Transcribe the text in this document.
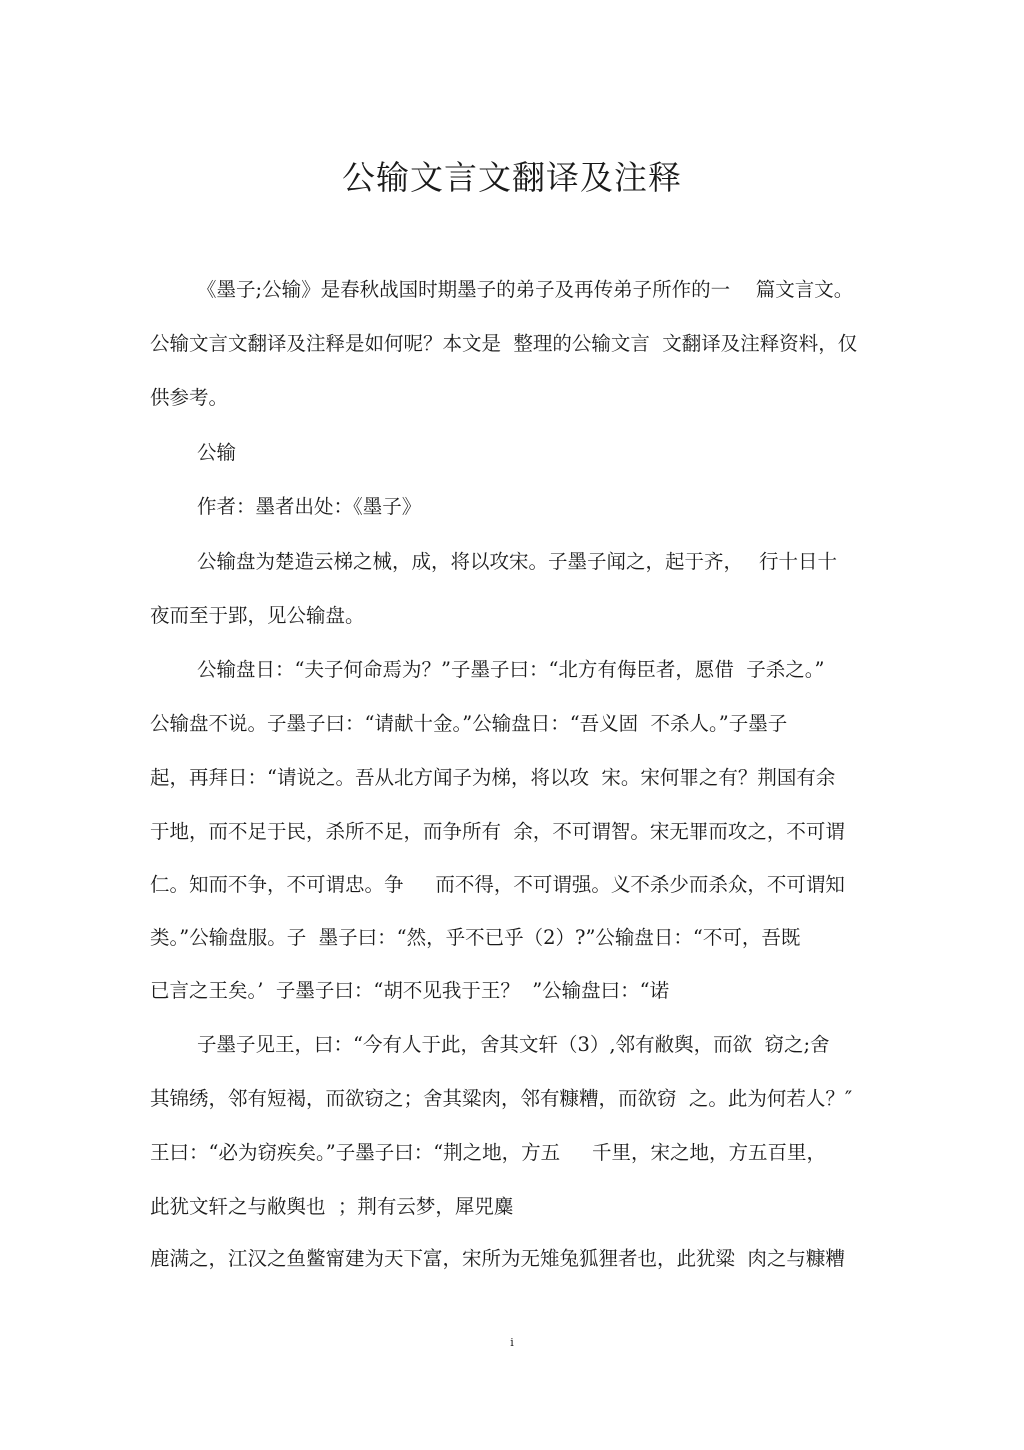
公输文言文翻译及注释
《墨子;公输》是春秋战国时期墨子的弟子及再传弟子所作的一　 篇文言文。
公输文言文翻译及注释是如何呢？本文是  整理的公输文言  文翻译及注释资料，仅
供参考。
公输
作者：墨者出处：《墨子》
公输盘为楚造云梯之械，成，将以攻宋。子墨子闻之，起于齐，　 行十日十
夜而至于郢，见公输盘。
公输盘日：“夫子何命焉为？”子墨子曰：“北方有侮臣者，愿借  子杀之。”
公输盘不说。子墨子曰：“请献十金。”公输盘日：“吾义固  不杀人。”子墨子
起，再拜日：“请说之。吾从北方闻子为梯，将以攻  宋。宋何罪之有？荆国有余
于地，而不足于民，杀所不足，而争所有  余，不可谓智。宋无罪而攻之，不可谓
仁。知而不争，不可谓忠。争　  而不得，不可谓强。义不杀少而杀众，不可谓知
类。”公输盘服。子  墨子曰：“然，乎不已乎（2）?”公输盘日：“不可，吾既
已言之王矣。’  子墨子曰：“胡不见我于王？  ”公输盘曰：“诺
子墨子见王，曰：“今有人于此，舍其文轩（3）,邻有敝舆，而欲  窃之;舍
其锦绣，邻有短褐，而欲窃之；舍其粱肉，邻有糠糟，而欲窃  之。此为何若人？″
王曰：“必为窃疾矣。”子墨子曰：“荆之地，方五　  千里，宋之地，方五百里，
此犹文轩之与敝舆也  ；荆有云梦，犀兕麋
鹿满之，江汉之鱼鳖甯建为天下富，宋所为无雉兔狐狸者也，此犹粱  肉之与糠糟
i
